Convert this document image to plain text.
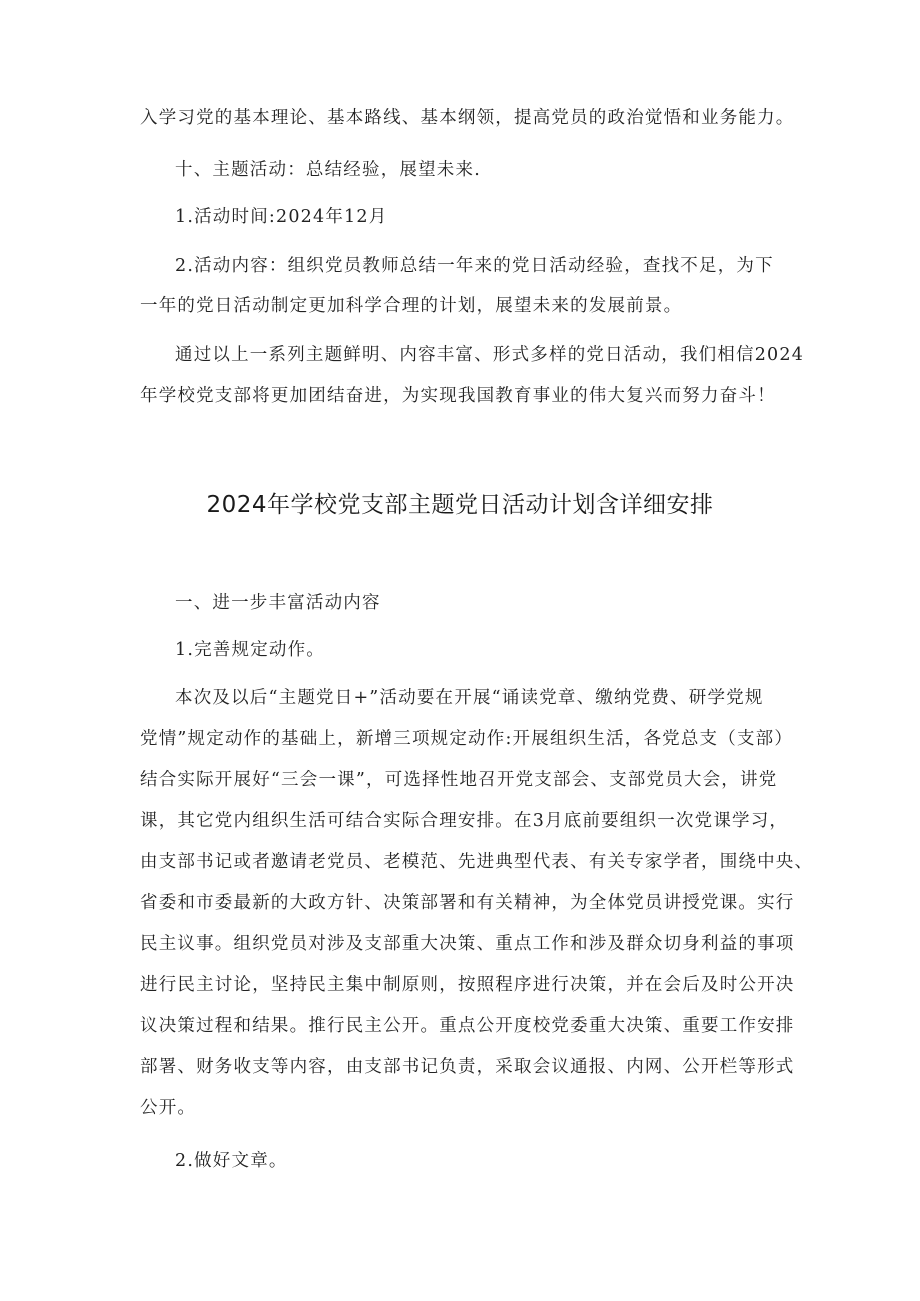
入学习党的基本理论、基本路线、基本纲领，提高党员的政治觉悟和业务能力。
十、主题活动：总结经验，展望未来.
1.活动时间:2024年12月
2.活动内容：组织党员教师总结一年来的党日活动经验，查找不足，为下
一年的党日活动制定更加科学合理的计划，展望未来的发展前景。
通过以上一系列主题鲜明、内容丰富、形式多样的党日活动，我们相信2024
年学校党支部将更加团结奋进，为实现我国教育事业的伟大复兴而努力奋斗！
2024年学校党支部主题党日活动计划含详细安排
一、进一步丰富活动内容
1.完善规定动作。
本次及以后“主题党日+”活动要在开展“诵读党章、缴纳党费、研学党规
党情”规定动作的基础上，新增三项规定动作:开展组织生活，各党总支（支部）
结合实际开展好“三会一课”，可选择性地召开党支部会、支部党员大会，讲党
课，其它党内组织生活可结合实际合理安排。在3月底前要组织一次党课学习，
由支部书记或者邀请老党员、老模范、先进典型代表、有关专家学者，围绕中央、
省委和市委最新的大政方针、决策部署和有关精神，为全体党员讲授党课。实行
民主议事。组织党员对涉及支部重大决策、重点工作和涉及群众切身利益的事项
进行民主讨论，坚持民主集中制原则，按照程序进行决策，并在会后及时公开决
议决策过程和结果。推行民主公开。重点公开度校党委重大决策、重要工作安排
部署、财务收支等内容，由支部书记负责，采取会议通报、内网、公开栏等形式
公开。
2.做好文章。
